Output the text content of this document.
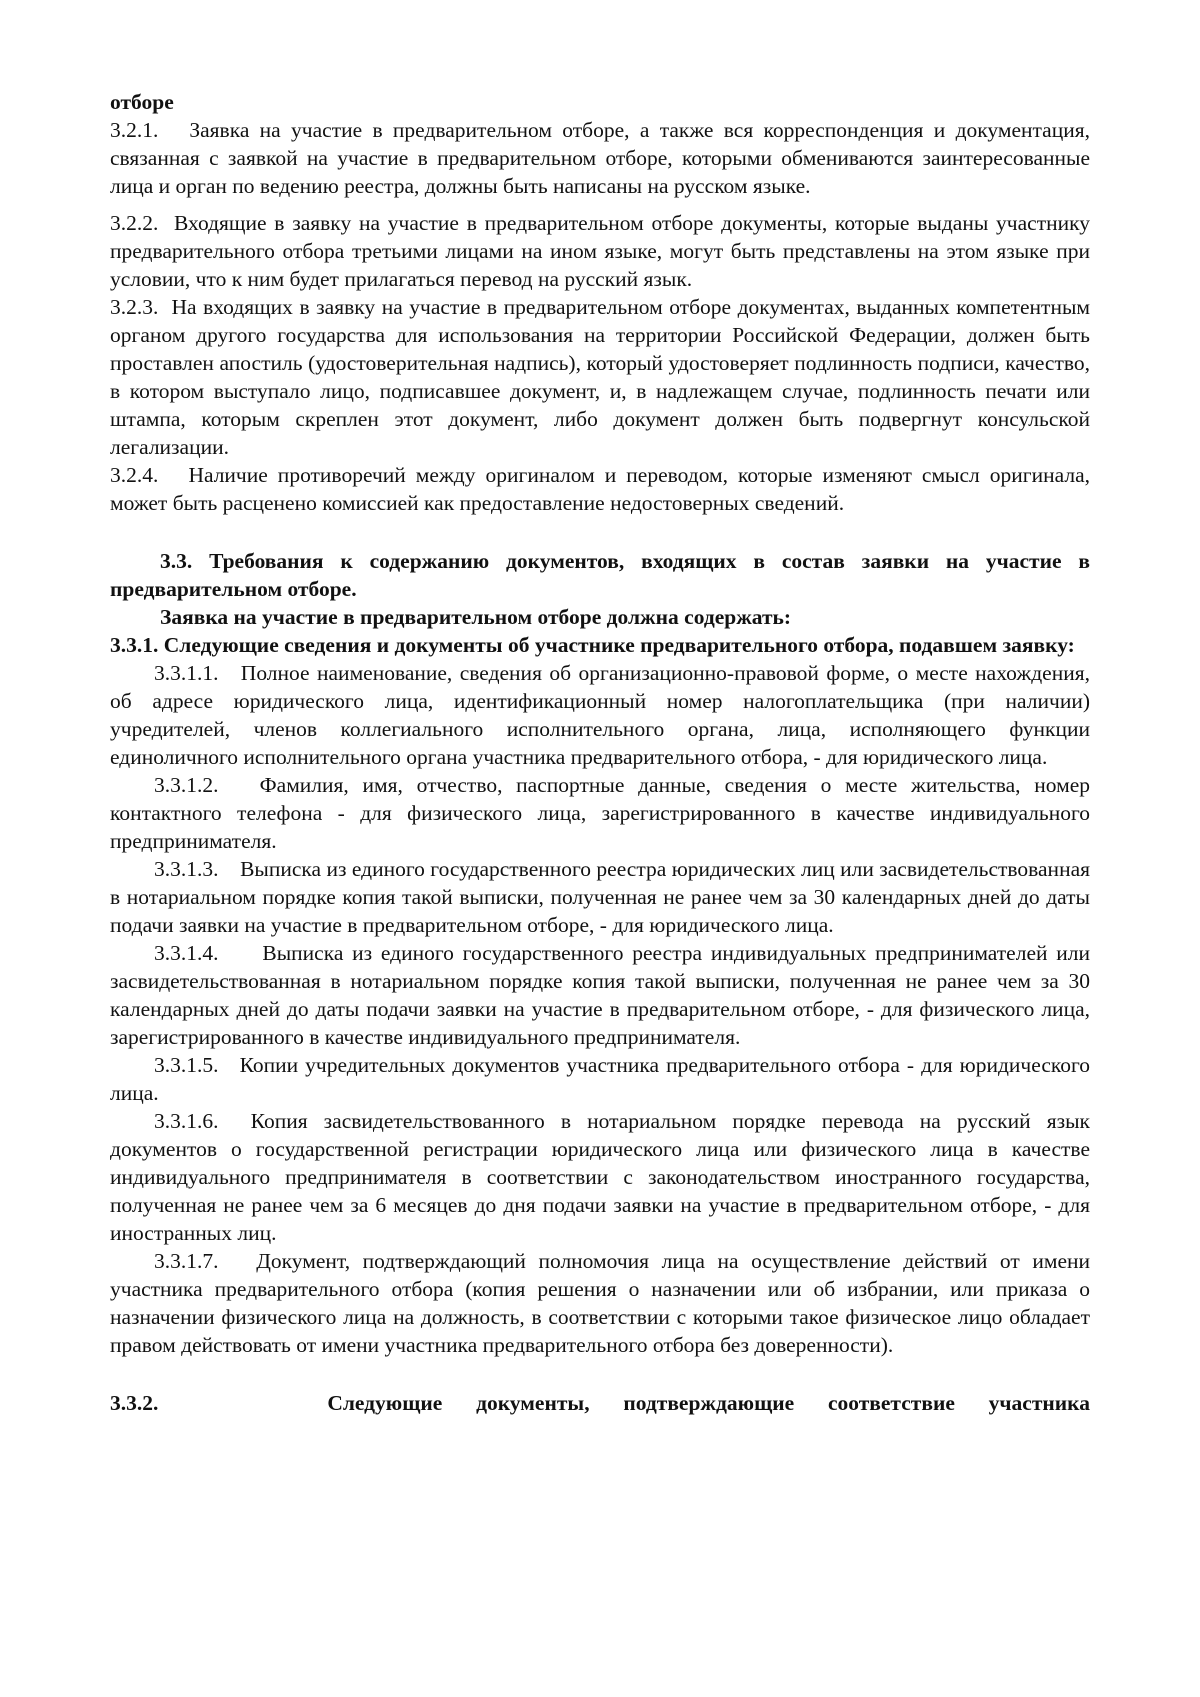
отборе

3.2.1. Заявка на участие в предварительном отборе, а также вся корреспонденция и документация, связанная с заявкой на участие в предварительном отборе, которыми обмениваются заинтересованные лица и орган по ведению реестра, должны быть написаны на русском языке.

3.2.2. Входящие в заявку на участие в предварительном отборе документы, которые выданы участнику предварительного отбора третьими лицами на ином языке, могут быть представлены на этом языке при условии, что к ним будет прилагаться перевод на русский язык.

3.2.3. На входящих в заявку на участие в предварительном отборе документах, выданных компетентным органом другого государства для использования на территории Российской Федерации, должен быть проставлен апостиль (удостоверительная надпись), который удостоверяет подлинность подписи, качество, в котором выступало лицо, подписавшее документ, и, в надлежащем случае, подлинность печати или штампа, которым скреплен этот документ, либо документ должен быть подвергнут консульской легализации.

3.2.4. Наличие противоречий между оригиналом и переводом, которые изменяют смысл оригинала, может быть расценено комиссией как предоставление недостоверных сведений.

3.3. Требования к содержанию документов, входящих в состав заявки на участие в предварительном отборе.

Заявка на участие в предварительном отборе должна содержать:

3.3.1. Следующие сведения и документы об участнике предварительного отбора, подавшем заявку:

3.3.1.1. Полное наименование, сведения об организационно-правовой форме, о месте нахождения, об адресе юридического лица, идентификационный номер налогоплательщика (при наличии) учредителей, членов коллегиального исполнительного органа, лица, исполняющего функции единоличного исполнительного органа участника предварительного отбора, - для юридического лица.

3.3.1.2. Фамилия, имя, отчество, паспортные данные, сведения о месте жительства, номер контактного телефона - для физического лица, зарегистрированного в качестве индивидуального предпринимателя.

3.3.1.3. Выписка из единого государственного реестра юридических лиц или засвидетельствованная в нотариальном порядке копия такой выписки, полученная не ранее чем за 30 календарных дней до даты подачи заявки на участие в предварительном отборе, - для юридического лица.

3.3.1.4. Выписка из единого государственного реестра индивидуальных предпринимателей или засвидетельствованная в нотариальном порядке копия такой выписки, полученная не ранее чем за 30 календарных дней до даты подачи заявки на участие в предварительном отборе, - для физического лица, зарегистрированного в качестве индивидуального предпринимателя.

3.3.1.5. Копии учредительных документов участника предварительного отбора - для юридического лица.

3.3.1.6. Копия засвидетельствованного в нотариальном порядке перевода на русский язык документов о государственной регистрации юридического лица или физического лица в качестве индивидуального предпринимателя в соответствии с законодательством иностранного государства, полученная не ранее чем за 6 месяцев до дня подачи заявки на участие в предварительном отборе, - для иностранных лиц.

3.3.1.7. Документ, подтверждающий полномочия лица на осуществление действий от имени участника предварительного отбора (копия решения о назначении или об избрании, или приказа о назначении физического лица на должность, в соответствии с которыми такое физическое лицо обладает правом действовать от имени участника предварительного отбора без доверенности).

3.3.2.	Следующие документы, подтверждающие соответствие участника
